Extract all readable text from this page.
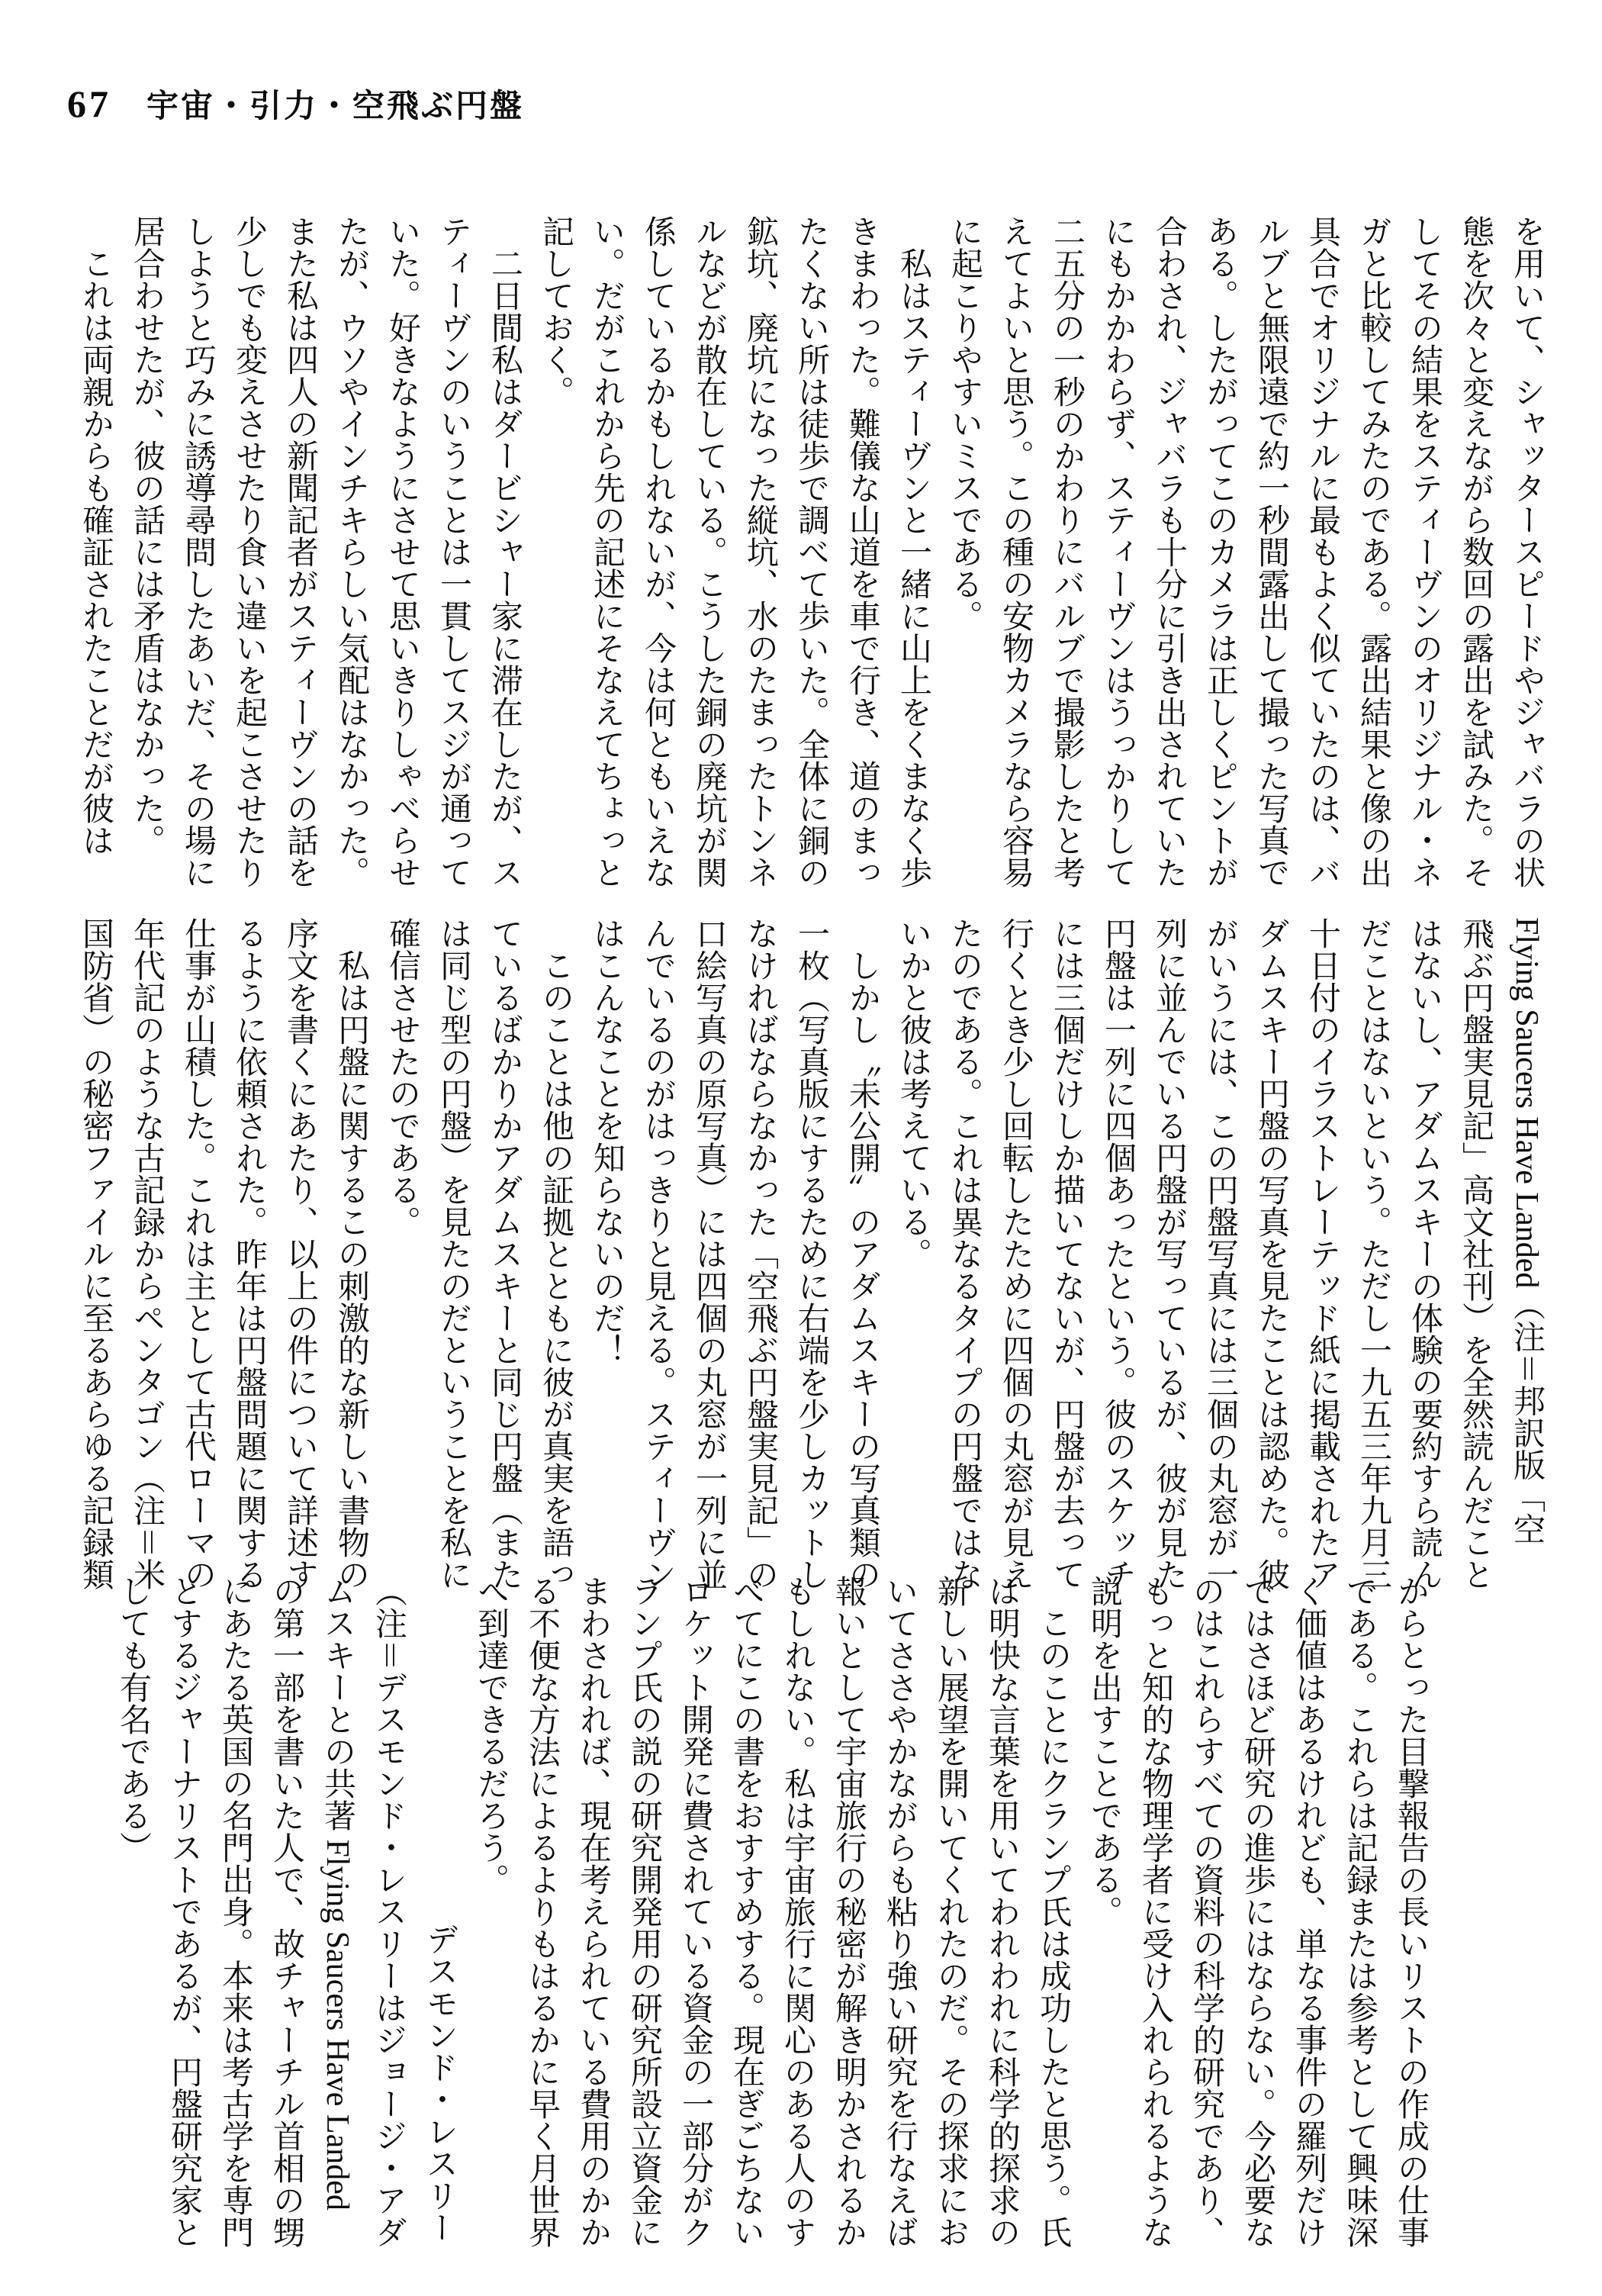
67 宇宙・引力・空飛ぶ円盤
を用いて、シャッタースピードやジャバラの状
態を次々と変えながら数回の露出を試みた。そ
してその結果をスティーヴンのオリジナル・ネ
ガと比較してみたのである。露出結果と像の出
具合でオリジナルに最もよく似ていたのは、バ
ルブと無限遠で約一秒間露出して撮った写真で
ある。したがってこのカメラは正しくピントが
合わされ、ジャバラも十分に引き出されていた
にもかかわらず、スティーヴンはうっかりして
二五分の一秒のかわりにバルブで撮影したと考
えてよいと思う。この種の安物カメラなら容易
に起こりやすいミスである。
　私はスティーヴンと一緒に山上をくまなく歩
きまわった。難儀な山道を車で行き、道のまっ
たくない所は徒歩で調べて歩いた。全体に銅の
鉱坑、廃坑になった縦坑、水のたまったトンネ
ルなどが散在している。こうした銅の廃坑が関
係しているかもしれないが、今は何ともいえな
い。だがこれから先の記述にそなえてちょっと
記しておく。
　二日間私はダービシャー家に滞在したが、ス
ティーヴンのいうことは一貫してスジが通って
いた。好きなようにさせて思いきりしゃべらせ
たが、ウソやインチキらしい気配はなかった。
また私は四人の新聞記者がスティーヴンの話を
少しでも変えさせたり食い違いを起こさせたり
しようと巧みに誘導尋問したあいだ、その場に
居合わせたが、彼の話には矛盾はなかった。
　これは両親からも確証されたことだが彼は
Flying Saucers Have Landed（注＝邦訳版「空
飛ぶ円盤実見記」高文社刊）を全然読んだこと
はないし、アダムスキーの体験の要約すら読ん
だことはないという。ただし一九五三年九月三
十日付のイラストレーテッド紙に掲載されたア
ダムスキー円盤の写真を見たことは認めた。彼
がいうには、この円盤写真には三個の丸窓が一
列に並んでいる円盤が写っているが、彼が見た
円盤は一列に四個あったという。彼のスケッチ
には三個だけしか描いてないが、円盤が去って
行くとき少し回転したために四個の丸窓が見え
たのである。これは異なるタイプの円盤ではな
いかと彼は考えている。
　しかし〝未公開〟のアダムスキーの写真類の
一枚（写真版にするために右端を少しカットし
なければならなかった「空飛ぶ円盤実見記」の
口絵写真の原写真）には四個の丸窓が一列に並
んでいるのがはっきりと見える。スティーヴン
はこんなことを知らないのだ！
　このことは他の証拠とともに彼が真実を語っ
ているばかりかアダムスキーと同じ円盤（また
は同じ型の円盤）を見たのだということを私に
確信させたのである。
　私は円盤に関するこの刺激的な新しい書物の
序文を書くにあたり、以上の件について詳述す
るように依頼された。昨年は円盤問題に関する
仕事が山積した。これは主として古代ローマの
年代記のような古記録からペンタゴン（注＝米
国防省）の秘密ファイルに至るあらゆる記録類
からとった目撃報告の長いリストの作成の仕事
である。これらは記録または参考として興味深
く価値はあるけれども、単なる事件の羅列だけ
ではさほど研究の進歩にはならない。今必要な
のはこれらすべての資料の科学的研究であり、
もっと知的な物理学者に受け入れられるような
説明を出すことである。
　このことにクランプ氏は成功したと思う。氏
は明快な言葉を用いてわれわれに科学的探求の
新しい展望を開いてくれたのだ。その探求にお
いてささやかながらも粘り強い研究を行なえば
報いとして宇宙旅行の秘密が解き明かされるか
もしれない。私は宇宙旅行に関心のある人のす
べてにこの書をおすすめする。現在ぎごちない
ロケット開発に費されている資金の一部分がク
ランプ氏の説の研究開発用の研究所設立資金に
まわされれば、現在考えられている費用のかか
る不便な方法によるよりもはるかに早く月世界
へ到達できるだろう。
デスモンド・レスリー
（注＝デスモンド・レスリーはジョージ・アダ
ムスキーとの共著 Flying Saucers Have Landed
の第一部を書いた人で、故チャーチル首相の甥
にあたる英国の名門出身。本来は考古学を専門
とするジャーナリストであるが、円盤研究家と
しても有名である）
